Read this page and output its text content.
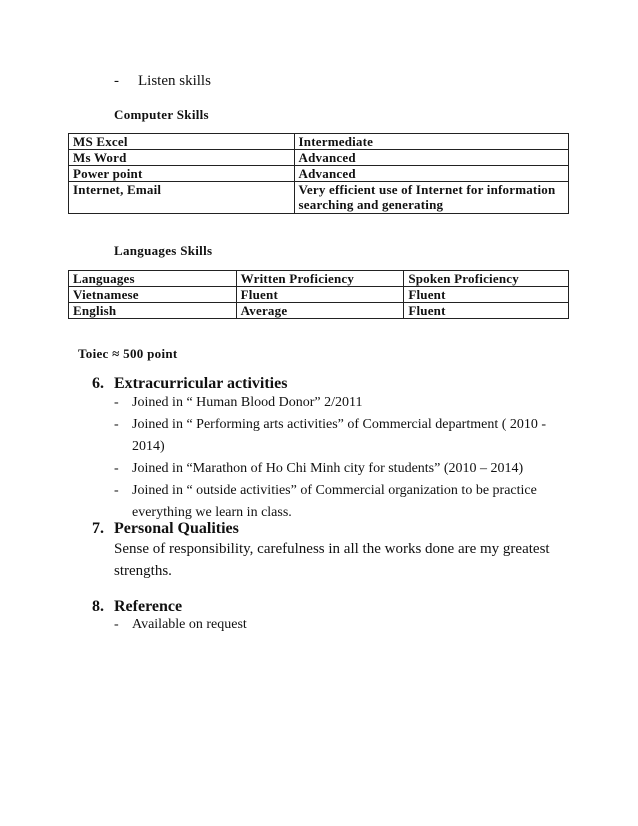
- Listen skills
Computer Skills
MS Excel	Intermediate
Ms Word	Advanced
Power point	Advanced
Internet, Email	Very efficient use of Internet for information searching and generating
Languages Skills
Languages	Written Proficiency	Spoken Proficiency
Vietnamese	Fluent	Fluent
English	Average	Fluent
Toiec ≈ 500 point
6. Extracurricular activities
- Joined in “ Human Blood Donor” 2/2011
- Joined in “ Performing arts activities” of Commercial department ( 2010 - 2014)
- Joined in “Marathon of Ho Chi Minh city for students” (2010 – 2014)
- Joined in “ outside activities” of Commercial organization to be practice everything we learn in class.
7. Personal Qualities
Sense of responsibility, carefulness in all the works done are my greatest strengths.
8. Reference
- Available on request
